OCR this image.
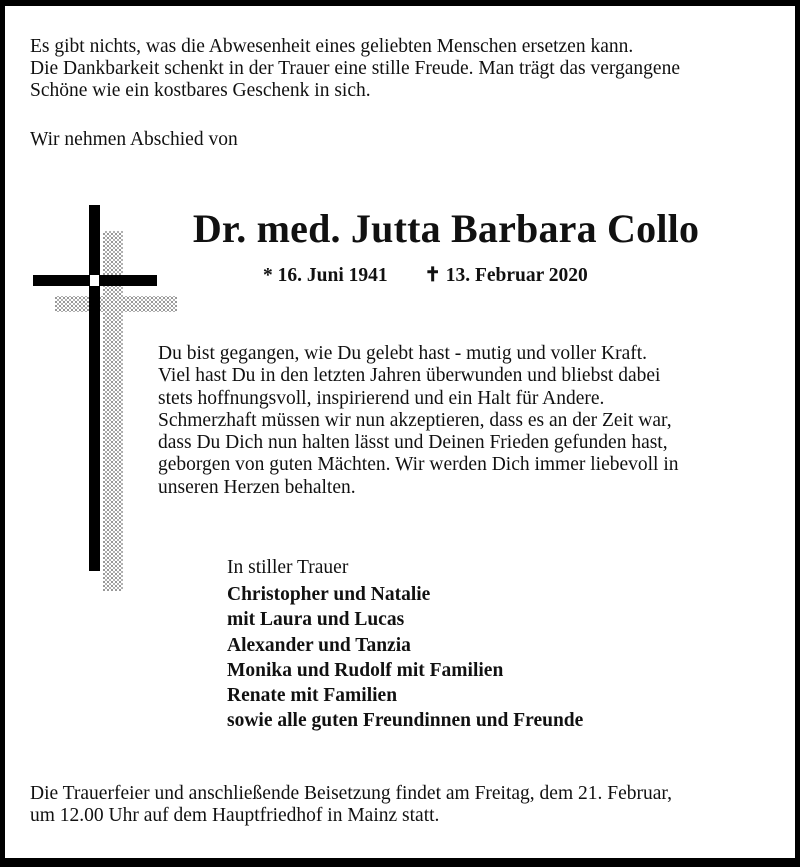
Es gibt nichts, was die Abwesenheit eines geliebten Menschen ersetzen kann.
Die Dankbarkeit schenkt in der Trauer eine stille Freude. Man trägt das vergangene
Schöne wie ein kostbares Geschenk in sich.

Wir nehmen Abschied von

Dr. med. Jutta Barbara Collo
* 16. Juni 1941 ✝ 13. Februar 2020

Du bist gegangen, wie Du gelebt hast - mutig und voller Kraft.
Viel hast Du in den letzten Jahren überwunden und bliebst dabei
stets hoffnungsvoll, inspirierend und ein Halt für Andere.
Schmerzhaft müssen wir nun akzeptieren, dass es an der Zeit war,
dass Du Dich nun halten lässt und Deinen Frieden gefunden hast,
geborgen von guten Mächten. Wir werden Dich immer liebevoll in
unseren Herzen behalten.

In stiller Trauer

Christopher und Natalie
mit Laura und Lucas
Alexander und Tanzia
Monika und Rudolf mit Familien
Renate mit Familien
sowie alle guten Freundinnen und Freunde

Die Trauerfeier und anschließende Beisetzung findet am Freitag, dem 21. Februar,
um 12.00 Uhr auf dem Hauptfriedhof in Mainz statt.
